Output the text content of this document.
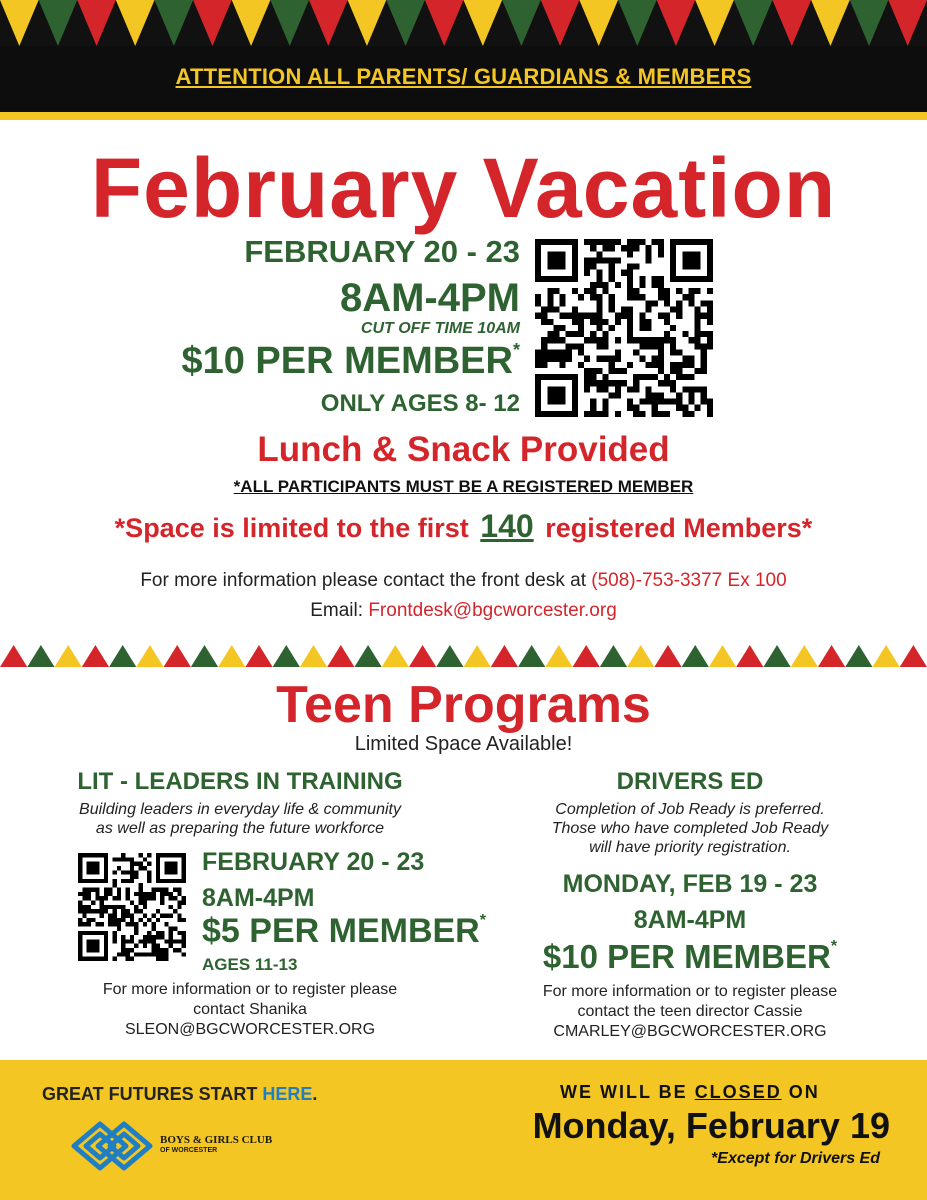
ATTENTION ALL PARENTS/ GUARDIANS & MEMBERS
February Vacation
FEBRUARY 20 - 23
8AM-4PM
CUT OFF TIME 10AM
$10 PER MEMBER*
ONLY AGES 8- 12
Lunch & Snack Provided
*ALL PARTICIPANTS MUST BE A REGISTERED MEMBER
*Space is limited to the first 140 registered Members*
For more information please contact the front desk at (508)-753-3377 Ex 100
Email: Frontdesk@bgcworcester.org
Teen Programs
Limited Space Available!
LIT - LEADERS IN TRAINING
Building leaders in everyday life & community
as well as preparing the future workforce
FEBRUARY 20 - 23
8AM-4PM
$5 PER MEMBER*
AGES 11-13
For more information or to register please
contact Shanika
SLEON@BGCWORCESTER.ORG
DRIVERS ED
Completion of Job Ready is preferred.
Those who have completed Job Ready
will have priority registration.
MONDAY, FEB 19 - 23
8AM-4PM
$10 PER MEMBER*
For more information or to register please
contact the teen director Cassie
CMARLEY@BGCWORCESTER.ORG
GREAT FUTURES START HERE.
BOYS & GIRLS CLUB
OF WORCESTER
WE WILL BE CLOSED ON
Monday, February 19
*Except for Drivers Ed
